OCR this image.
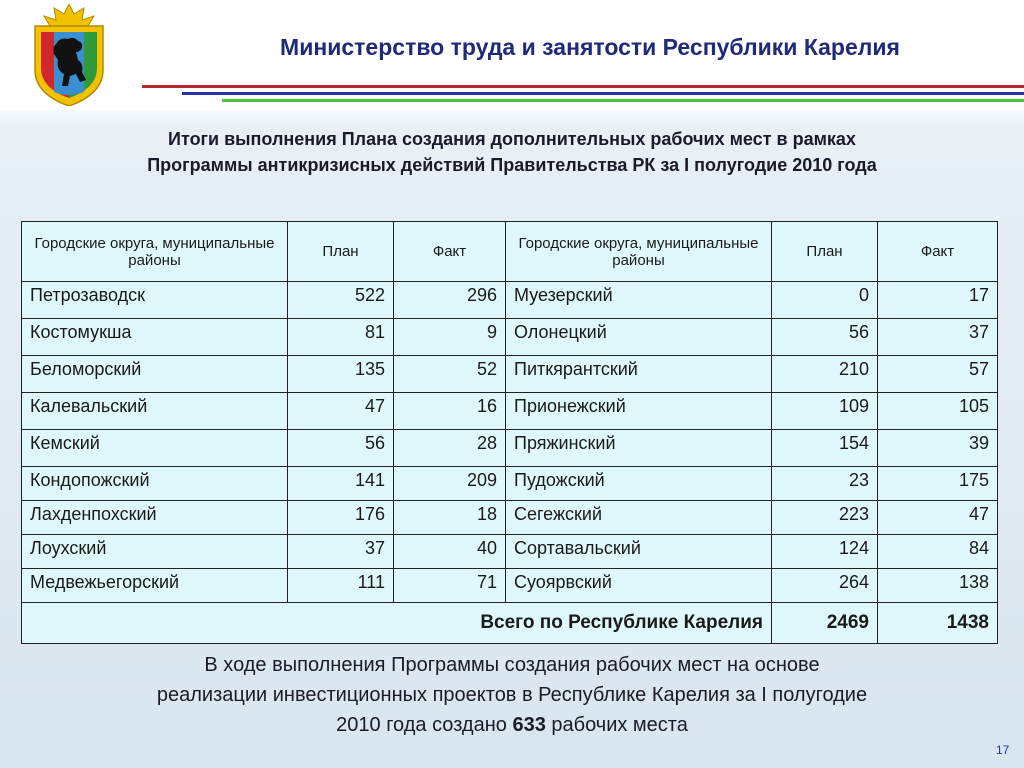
Министерство труда и занятости Республики Карелия
Итоги выполнения Плана создания дополнительных рабочих мест в рамках
Программы антикризисных действий Правительства РК за I полугодие 2010 года
Городские округа, муниципальные районы	План	Факт	Городские округа, муниципальные районы	План	Факт
Петрозаводск	522	296	Муезерский	0	17
Костомукша	81	9	Олонецкий	56	37
Беломорский	135	52	Питкярантский	210	57
Калевальский	47	16	Прионежский	109	105
Кемский	56	28	Пряжинский	154	39
Кондопожский	141	209	Пудожский	23	175
Лахденпохский	176	18	Сегежский	223	47
Лоухский	37	40	Сортавальский	124	84
Медвежьегорский	111	71	Суоярвский	264	138
Всего по Республике Карелия				2469	1438
В ходе выполнения Программы создания рабочих мест на основе
реализации инвестиционных проектов в Республике Карелия за I полугодие
2010 года создано 633 рабочих места
17
